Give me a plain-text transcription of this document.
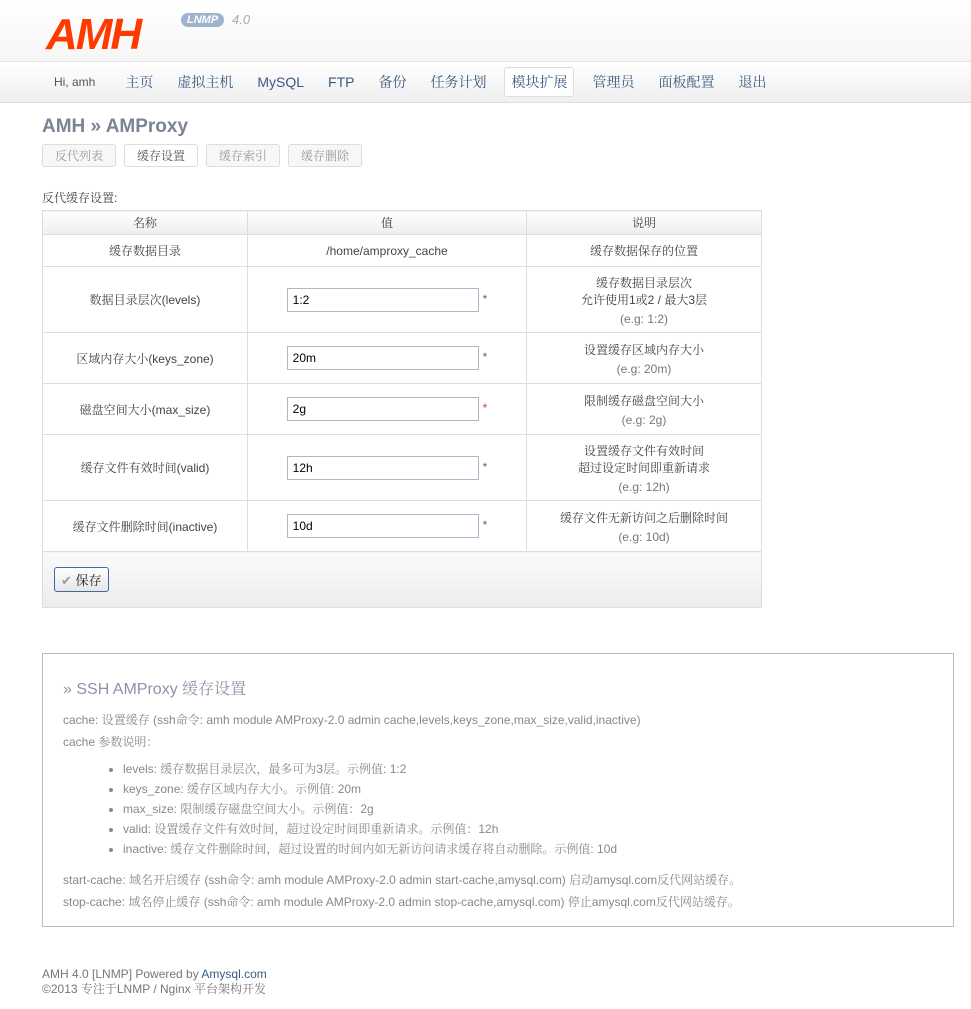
AMH	LNMP	4.0
Hi, amh	主页	虚拟主机	MySQL	FTP	备份	任务计划	模块扩展	管理员	面板配置	退出
AMH » AMProxy
反代列表	缓存设置	缓存索引	缓存删除
反代缓存设置:
名称	值	说明
缓存数据目录	/home/amproxy_cache	缓存数据保存的位置
数据目录层次(levels)	1:2*	缓存数据目录层次
允许使用1或2 / 最大3层
(e.g: 1:2)

区域内存大小(keys_zone)	20m*	设置缓存区域内存大小
(e.g: 20m)

磁盘空间大小(max_size)	2g*	限制缓存磁盘空间大小
(e.g: 2g)

缓存文件有效时间(valid)	12h*	设置缓存文件有效时间
超过设定时间即重新请求
(e.g: 12h)

缓存文件删除时间(inactive)	10d*	缓存文件无新访问之后删除时间
(e.g: 10d)

✔ 保存		
» SSH AMProxy 缓存设置

cache: 设置缓存 (ssh命令: amh module AMProxy-2.0 admin cache,levels,keys_zone,max_size,valid,inactive)

cache 参数说明：

• levels: 缓存数据目录层次，最多可为3层。示例值: 1:2
• keys_zone: 缓存区域内存大小。示例值: 20m
• max_size: 限制缓存磁盘空间大小。示例值：2g
• valid: 设置缓存文件有效时间，超过设定时间即重新请求。示例值：12h
• inactive: 缓存文件删除时间，超过设置的时间内如无新访问请求缓存将自动删除。示例值: 10d

start-cache: 域名开启缓存 (ssh命令: amh module AMProxy-2.0 admin start-cache,amysql.com) 启动amysql.com反代网站缓存。

stop-cache: 域名停止缓存 (ssh命令: amh module AMProxy-2.0 admin stop-cache,amysql.com) 停止amysql.com反代网站缓存。

AMH 4.0 [LNMP] Powered by Amysql.com
©2013 专注于LNMP / Nginx 平台架构开发
